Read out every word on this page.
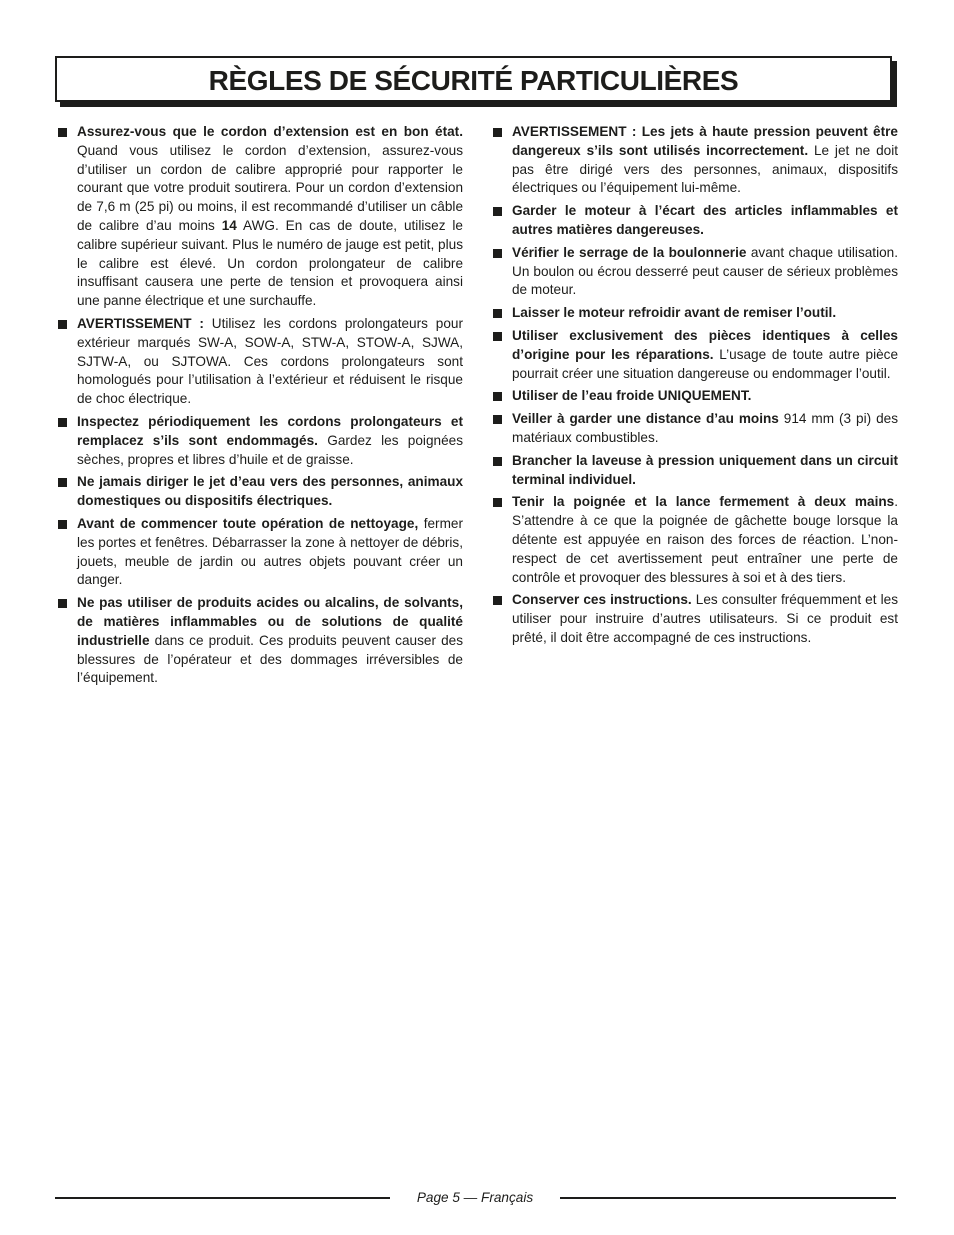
RÈGLES DE SÉCURITÉ PARTICULIÈRES
Assurez-vous que le cordon d’extension est en bon état. Quand vous utilisez le cordon d’extension, assurez-vous d’utiliser un cordon de calibre approprié pour rapporter le courant que votre produit soutirera. Pour un cordon d’extension de 7,6 m (25 pi) ou moins, il est recommandé d’utiliser un câble de calibre d’au moins 14 AWG. En cas de doute, utilisez le calibre supérieur suivant. Plus le numéro de jauge est petit, plus le calibre est élevé. Un cordon prolongateur de calibre insuffisant causera une perte de tension et provoquera ainsi une panne électrique et une surchauffe.
AVERTISSEMENT : Utilisez les cordons prolongateurs pour extérieur marqués SW-A, SOW-A, STW-A, STOW-A, SJWA, SJTW-A, ou SJTOWA. Ces cordons prolongateurs sont homologués pour l’utilisation à l’extérieur et réduisent le risque de choc électrique.
Inspectez périodiquement les cordons prolongateurs et remplacez s’ils sont endommagés. Gardez les poignées sèches, propres et libres d’huile et de graisse.
Ne jamais diriger le jet d’eau vers des personnes, animaux domestiques ou dispositifs électriques.
Avant de commencer toute opération de nettoyage, fermer les portes et fenêtres. Débarrasser la zone à nettoyer de débris, jouets, meuble de jardin ou autres objets pouvant créer un danger.
Ne pas utiliser de produits acides ou alcalins, de solvants, de matières inflammables ou de solutions de qualité industrielle dans ce produit. Ces produits peuvent causer des blessures de l’opérateur et des dommages irréversibles de l’équipement.
AVERTISSEMENT : Les jets à haute pression peuvent être dangereux s’ils sont utilisés incorrectement. Le jet ne doit pas être dirigé vers des personnes, animaux, dispositifs électriques ou l’équipement lui-même.
Garder le moteur à l’écart des articles inflammables et autres matières dangereuses.
Vérifier le serrage de la boulonnerie avant chaque utilisation. Un boulon ou écrou desserré peut causer de sérieux problèmes de moteur.
Laisser le moteur refroidir avant de remiser l’outil.
Utiliser exclusivement des pièces identiques à celles d’origine pour les réparations. L’usage de toute autre pièce pourrait créer une situation dangereuse ou endommager l’outil.
Utiliser de l’eau froide UNIQUEMENT.
Veiller à garder une distance d’au moins 914 mm (3 pi) des matériaux combustibles.
Brancher la laveuse à pression uniquement dans un circuit terminal individuel.
Tenir la poignée et la lance fermement à deux mains. S’attendre à ce que la poignée de gâchette bouge lorsque la détente est appuyée en raison des forces de réaction. L’non-respect de cet avertissement peut entraîner une perte de contrôle et provoquer des blessures à soi et à des tiers.
Conserver ces instructions. Les consulter fréquemment et les utiliser pour instruire d’autres utilisateurs. Si ce produit est prêté, il doit être accompagné de ces instructions.
Page 5 — Français
